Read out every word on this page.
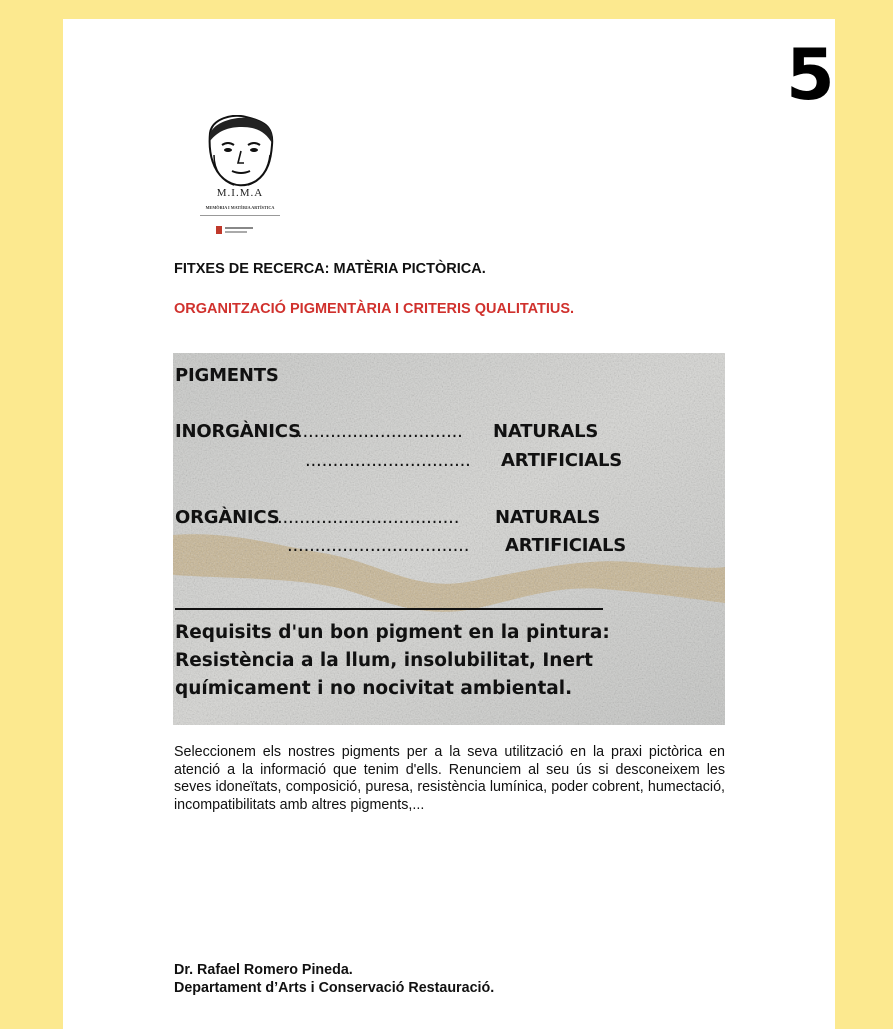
5
M.I.M.A
MEMÒRIA I MATÈRIA ARTÍSTICA
FITXES DE RECERCA: MATÈRIA PICTÒRICA.
ORGANITZACIÓ PIGMENTÀRIA I CRITERIS QUALITATIUS.
PIGMENTS
INORGÀNICS
.............................. NATURALS
.............................. ARTIFICIALS
ORGÀNICS
................................. NATURALS
................................. ARTIFICIALS
Requisits d'un bon pigment en la pintura: Resistència a la llum, insolubilitat, Inert químicament i no nocivitat ambiental.
Seleccionem els nostres pigments per a la seva utilització en la praxi pictòrica en atenció a la informació que tenim d'ells. Renunciem al seu ús si desconeixem les seves idoneïtats, composició, puresa, resistència lumínica, poder cobrent, humectació, incompatibilitats amb altres pigments,...
Dr. Rafael Romero Pineda.
Departament d’Arts i Conservació Restauració.
